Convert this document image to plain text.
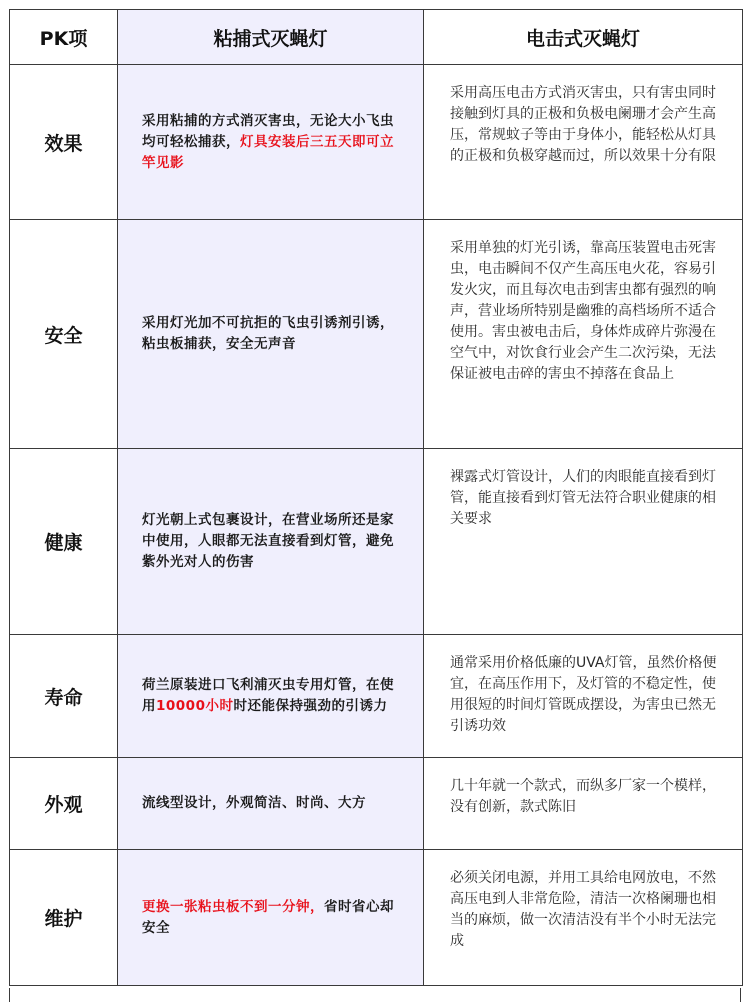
PK项	粘捕式灭蝇灯	电击式灭蝇灯
效果	采用粘捕的方式消灭害虫，无论大小飞虫均可轻松捕获，灯具安装后三五天即可立竿见影	采用高压电击方式消灭害虫，只有害虫同时接触到灯具的正极和负极电阑珊才会产生高压，常规蚊子等由于身体小，能轻松从灯具的正极和负极穿越而过，所以效果十分有限
安全	采用灯光加不可抗拒的飞虫引诱剂引诱，粘虫板捕获，安全无声音	采用单独的灯光引诱，靠高压装置电击死害虫，电击瞬间不仅产生高压电火花，容易引发火灾，而且每次电击到害虫都有强烈的响声，营业场所特别是幽雅的高档场所不适合使用。害虫被电击后，身体炸成碎片弥漫在空气中，对饮食行业会产生二次污染，无法保证被电击碎的害虫不掉落在食品上
健康	灯光朝上式包裹设计，在营业场所还是家中使用，人眼都无法直接看到灯管，避免紫外光对人的伤害	裸露式灯管设计，人们的肉眼能直接看到灯管，能直接看到灯管无法符合职业健康的相关要求
寿命	荷兰原装进口飞利浦灭虫专用灯管，在使用10000小时时还能保持强劲的引诱力	通常采用价格低廉的UVA灯管，虽然价格便宜，在高压作用下，及灯管的不稳定性，使用很短的时间灯管既成摆设，为害虫已然无引诱功效
外观	流线型设计，外观简洁、时尚、大方	几十年就一个款式，而纵多厂家一个模样，没有创新，款式陈旧
维护	更换一张粘虫板不到一分钟，省时省心却安全	必须关闭电源，并用工具给电网放电，不然高压电到人非常危险，清洁一次格阑珊也相当的麻烦，做一次清洁没有半个小时无法完成
